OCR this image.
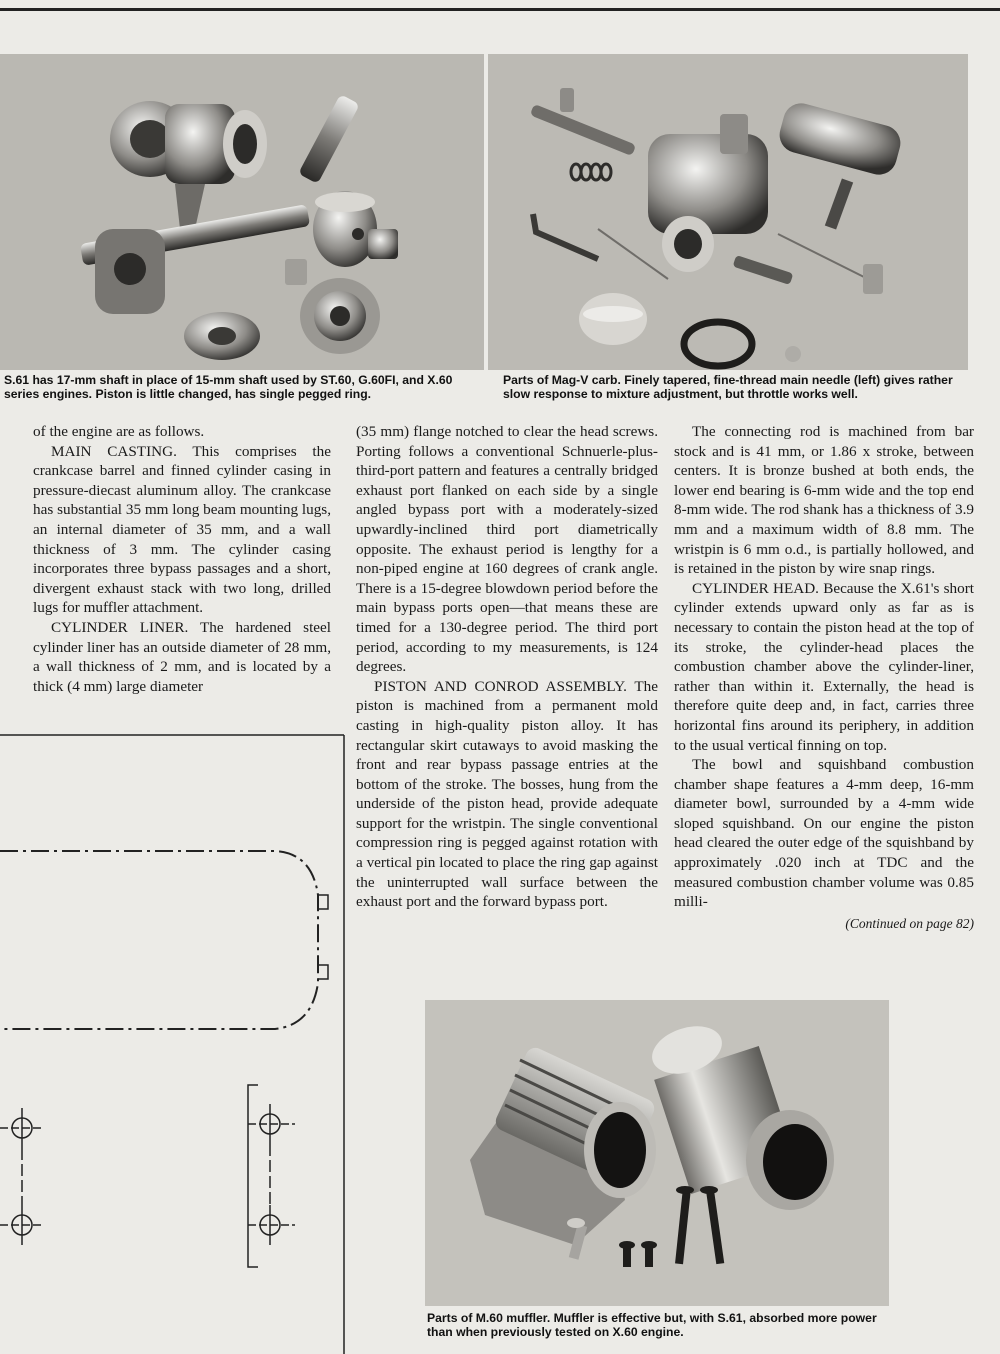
S.61 has 17-mm shaft in place of 15-mm shaft used by ST.60, G.60FI, and X.60 series engines. Piston is little changed, has single pegged ring.
Parts of Mag-V carb. Finely tapered, fine-thread main needle (left) gives rather slow response to mixture adjustment, but throttle works well.

of the engine are as follows.

MAIN CASTING. This comprises the crankcase barrel and finned cylinder casing in pressure-diecast aluminum alloy. The crankcase has substantial 35 mm long beam mounting lugs, an internal diameter of 35 mm, and a wall thickness of 3 mm. The cylinder casing incorporates three bypass passages and a short, divergent exhaust stack with two long, drilled lugs for muffler attachment.

CYLINDER LINER. The hardened steel cylinder liner has an outside diameter of 28 mm, a wall thickness of 2 mm, and is located by a thick (4 mm) large diameter

(35 mm) flange notched to clear the head screws. Porting follows a conventional Schnuerle-plus-third-port pattern and features a centrally bridged exhaust port flanked on each side by a single angled bypass port with a moderately-sized upwardly-inclined third port diametrically opposite. The exhaust period is lengthy for a non-piped engine at 160 degrees of crank angle. There is a 15-degree blowdown period before the main bypass ports open—that means these are timed for a 130-degree period. The third port period, according to my measurements, is 124 degrees.

PISTON AND CONROD ASSEMBLY. The piston is machined from a permanent mold casting in high-quality piston alloy. It has rectangular skirt cutaways to avoid masking the front and rear bypass passage entries at the bottom of the stroke. The bosses, hung from the underside of the piston head, provide adequate support for the wristpin. The single conventional compression ring is pegged against rotation with a vertical pin located to place the ring gap against the uninterrupted wall surface between the exhaust port and the forward bypass port.

The connecting rod is machined from bar stock and is 41 mm, or 1.86 x stroke, between centers. It is bronze bushed at both ends, the lower end bearing is 6-mm wide and the top end 8-mm wide. The rod shank has a thickness of 3.9 mm and a maximum width of 8.8 mm. The wristpin is 6 mm o.d., is partially hollowed, and is retained in the piston by wire snap rings.

CYLINDER HEAD. Because the X.61's short cylinder extends upward only as far as is necessary to contain the piston head at the top of its stroke, the cylinder-head places the combustion chamber above the cylinder-liner, rather than within it. Externally, the head is therefore quite deep and, in fact, carries three horizontal fins around its periphery, in addition to the usual vertical finning on top.

The bowl and squishband combustion chamber shape features a 4-mm deep, 16-mm diameter bowl, surrounded by a 4-mm wide sloped squishband. On our engine the piston head cleared the outer edge of the squishband by approximately .020 inch at TDC and the measured combustion chamber volume was 0.85 milli-

(Continued on page 82)
Parts of M.60 muffler. Muffler is effective but, with S.61, absorbed more power than when previously tested on X.60 engine.
